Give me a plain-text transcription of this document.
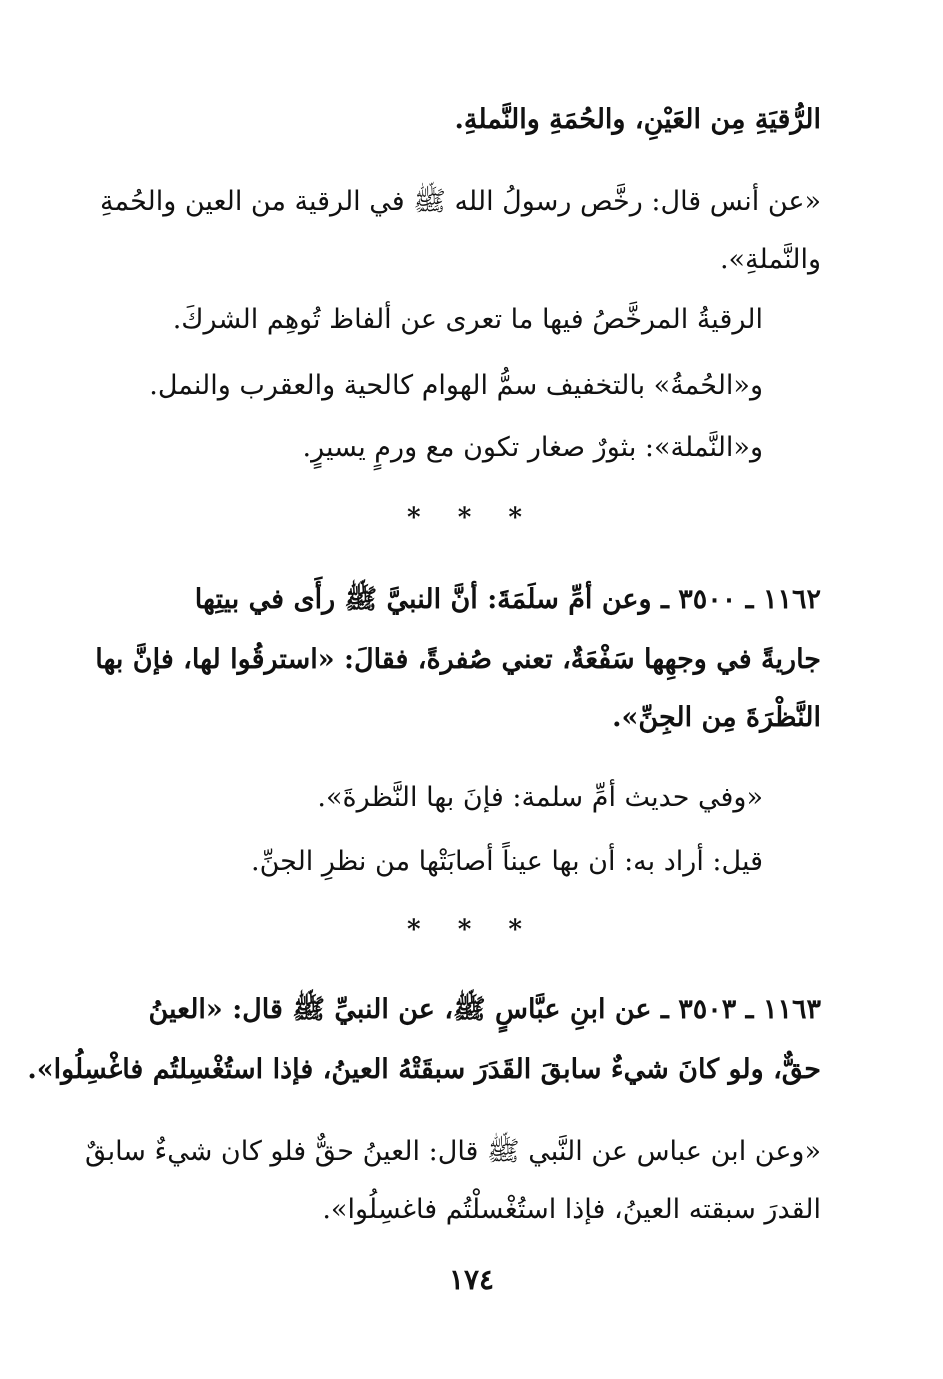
الرُّقيَةِ مِن العَيْنِ، والحُمَةِ والنَّملةِ.
«عن أنس قال: رخَّص رسولُ الله ﷺ في الرقية من العين والحُمةِ
والنَّملةِ».
الرقيةُ المرخَّصُ فيها ما تعرى عن ألفاظ تُوهِم الشركَ.
و«الحُمةُ» بالتخفيف سمُّ الهوام كالحية والعقرب والنمل.
و«النَّملة»: بثورٌ صغار تكون مع ورمٍ يسيرٍ.
* * *
١١٦٢ ـ ٣٥٠٠ ـ وعن أمِّ سلَمَةَ: أنَّ النبيَّ ﷺ رأَى في بيتِها
جاريةً في وجهِها سَفْعَةٌ، تعني صُفرةً، فقالَ: «استرقُوا لها، فإنَّ بها
النَّظْرَةَ مِن الجِنِّ».
«وفي حديث أمِّ سلمة: فإنَ بها النَّظرةَ».
قيل: أراد به: أن بها عيناً أصابَتْها من نظرِ الجنِّ.
* * *
١١٦٣ ـ ٣٥٠٣ ـ عن ابنِ عبَّاسٍ ﷺ، عن النبيِّ ﷺ قال: «العينُ
حقٌّ، ولو كانَ شيءٌ سابقَ القَدَرَ سبقَتْهُ العينُ، فإذا استُغْسِلتُم فاغْسِلُوا».
«وعن ابن عباس عن النَّبي ﷺ قال: العينُ حقٌّ فلو كان شيءٌ سابقٌ
القدرَ سبقته العينُ، فإذا استُغْسلْتُم فاغسِلُوا».
١٧٤
